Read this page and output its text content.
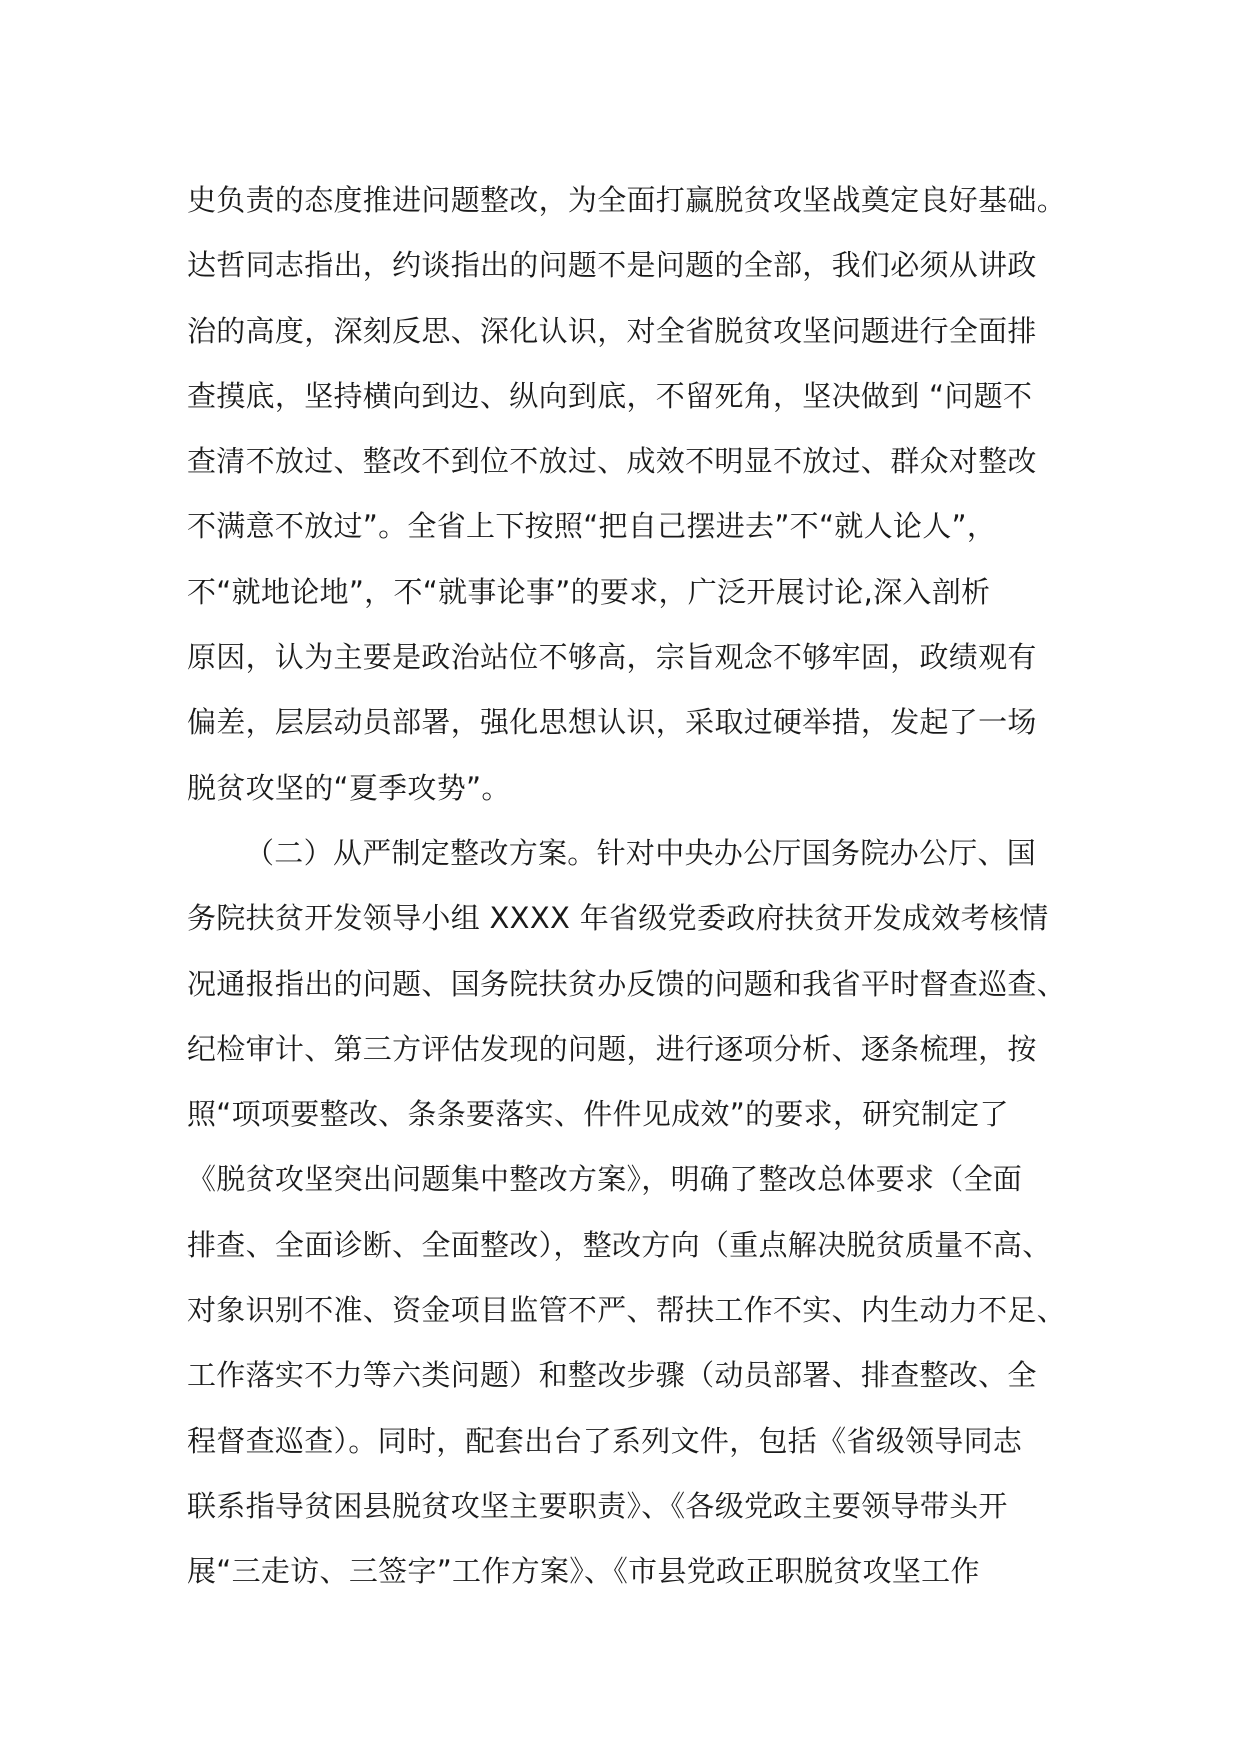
史负责的态度推进问题整改，为全面打赢脱贫攻坚战奠定良好基础。
达哲同志指出，约谈指出的问题不是问题的全部，我们必须从讲政
治的高度，深刻反思、深化认识，对全省脱贫攻坚问题进行全面排
查摸底，坚持横向到边、纵向到底，不留死角，坚决做到 “问题不
查清不放过、整改不到位不放过、成效不明显不放过、群众对整改
不满意不放过”。全省上下按照“把自己摆进去”不“就人论人”，
不“就地论地”，不“就事论事”的要求，广泛开展讨论,深入剖析
原因，认为主要是政治站位不够高，宗旨观念不够牢固，政绩观有
偏差，层层动员部署，强化思想认识，采取过硬举措，发起了一场
脱贫攻坚的“夏季攻势”。
（二）从严制定整改方案。针对中央办公厅国务院办公厅、国
务院扶贫开发领导小组 XXXX 年省级党委政府扶贫开发成效考核情
况通报指出的问题、国务院扶贫办反馈的问题和我省平时督查巡查、
纪检审计、第三方评估发现的问题，进行逐项分析、逐条梳理，按
照“项项要整改、条条要落实、件件见成效”的要求，研究制定了
《脱贫攻坚突出问题集中整改方案》，明确了整改总体要求（全面
排查、全面诊断、全面整改），整改方向（重点解决脱贫质量不高、
对象识别不准、资金项目监管不严、帮扶工作不实、内生动力不足、
工作落实不力等六类问题）和整改步骤（动员部署、排查整改、全
程督查巡查）。同时，配套出台了系列文件，包括《省级领导同志
联系指导贫困县脱贫攻坚主要职责》、《各级党政主要领导带头开
展“三走访、三签字”工作方案》、《市县党政正职脱贫攻坚工作
